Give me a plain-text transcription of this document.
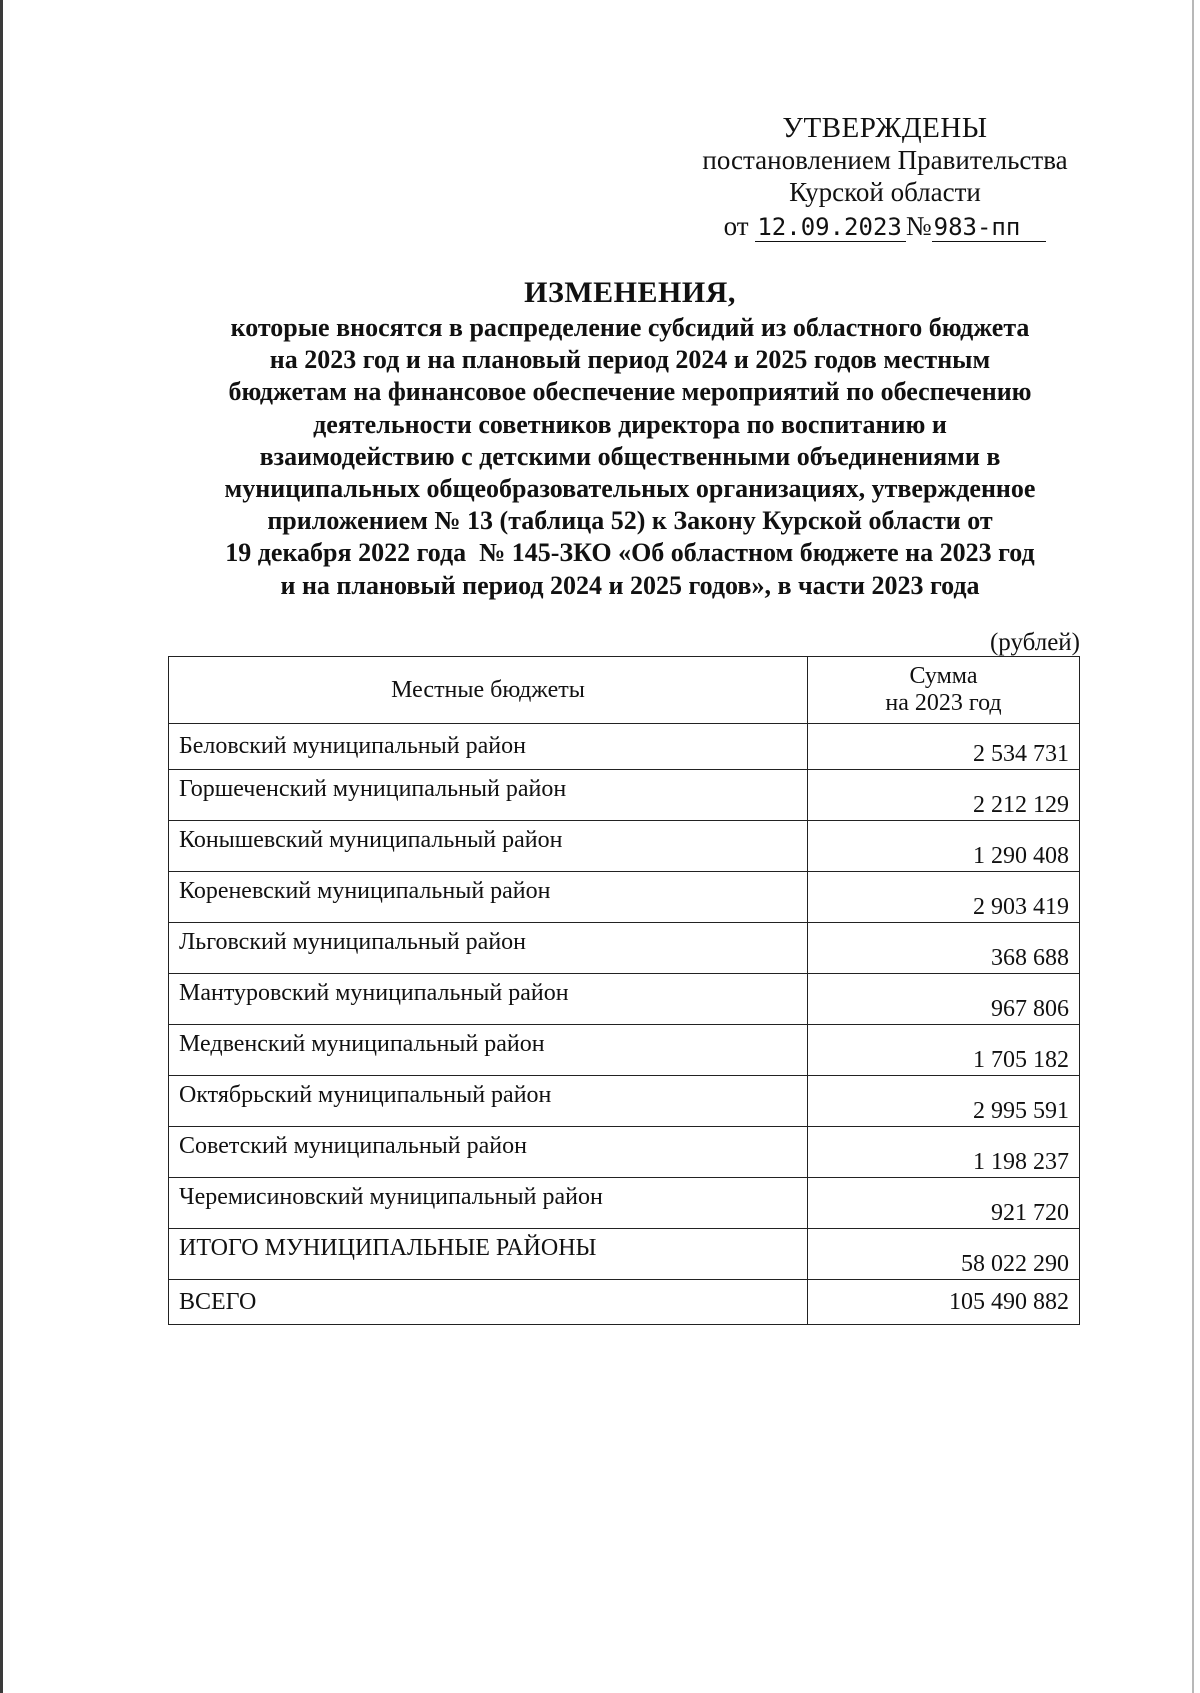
УТВЕРЖДЕНЫ
постановлением Правительства
Курской области
от 12.09.2023 №983-пп
ИЗМЕНЕНИЯ,
которые вносятся в распределение субсидий из областного бюджета
на 2023 год и на плановый период 2024 и 2025 годов местным
бюджетам на финансовое обеспечение мероприятий по обеспечению
деятельности советников директора по воспитанию и
взаимодействию с детскими общественными объединениями в
муниципальных общеобразовательных организациях, утвержденное
приложением № 13 (таблица 52) к Закону Курской области от
19 декабря 2022 года  № 145-ЗКО «Об областном бюджете на 2023 год
и на плановый период 2024 и 2025 годов», в части 2023 года
(рублей)
Местные бюджеты	Сумма
на 2023 год

Беловский муниципальный район	2 534 731
Горшеченский муниципальный район	2 212 129
Конышевский муниципальный район	1 290 408
Кореневский муниципальный район	2 903 419
Льговский муниципальный район	368 688
Мантуровский муниципальный район	967 806
Медвенский муниципальный район	1 705 182
Октябрьский муниципальный район	2 995 591
Советский муниципальный район	1 198 237
Черемисиновский муниципальный район	921 720
ИТОГО МУНИЦИПАЛЬНЫЕ РАЙОНЫ	58 022 290
ВСЕГО	105 490 882
